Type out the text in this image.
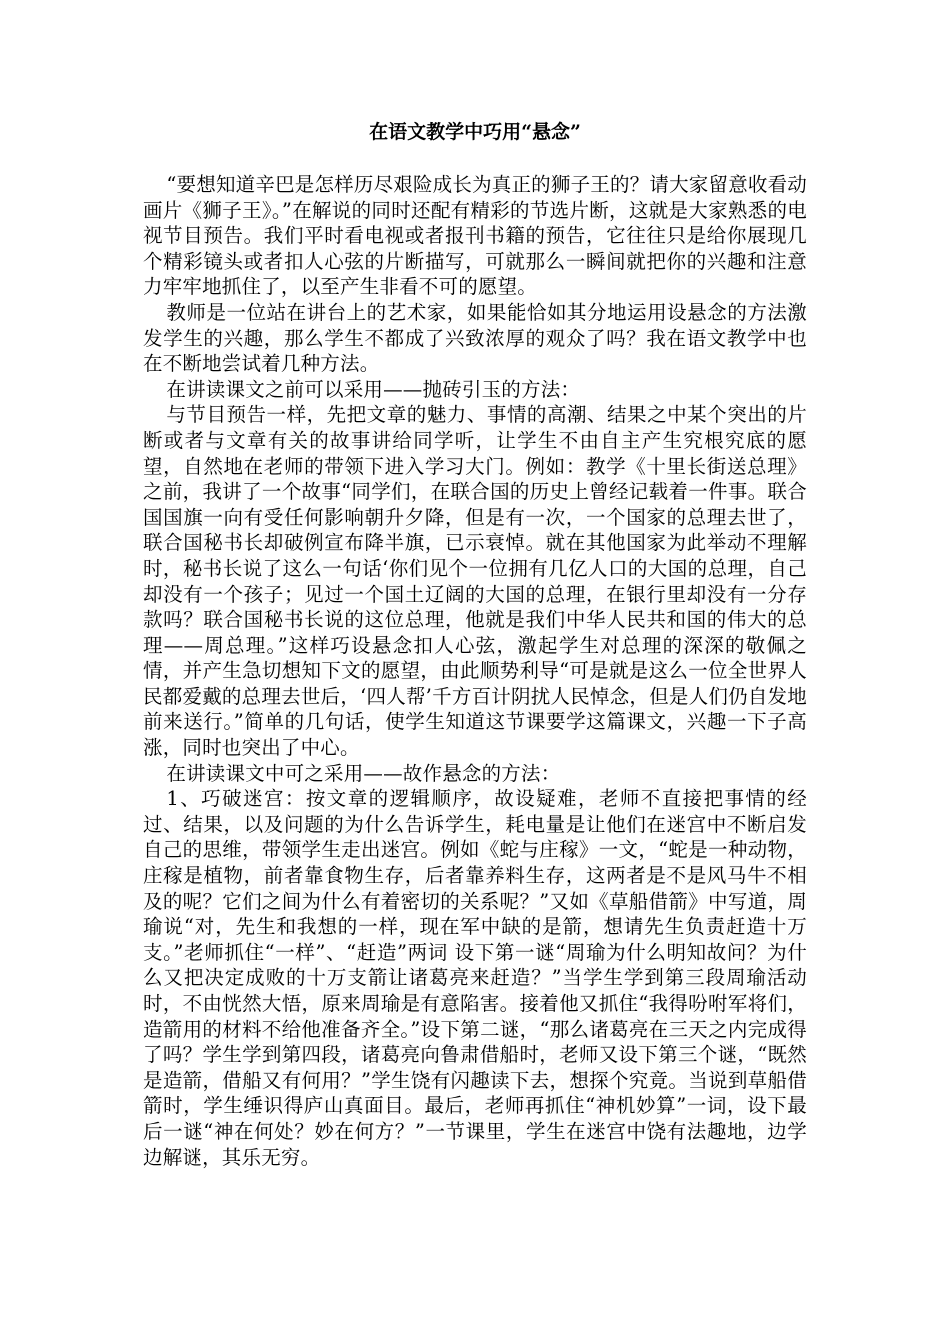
在语文教学中巧用“悬念”

“要想知道辛巴是怎样历尽艰险成长为真正的狮子王的？请大家留意收看动画片《狮子王》。”在解说的同时还配有精彩的节选片断，这就是大家熟悉的电视节目预告。我们平时看电视或者报刊书籍的预告，它往往只是给你展现几个精彩镜头或者扣人心弦的片断描写，可就那么一瞬间就把你的兴趣和注意力牢牢地抓住了，以至产生非看不可的愿望。

教师是一位站在讲台上的艺术家，如果能恰如其分地运用设悬念的方法激发学生的兴趣，那么学生不都成了兴致浓厚的观众了吗？我在语文教学中也在不断地尝试着几种方法。

在讲读课文之前可以采用——抛砖引玉的方法：

与节目预告一样，先把文章的魅力、事情的高潮、结果之中某个突出的片断或者与文章有关的故事讲给同学听，让学生不由自主产生究根究底的愿望，自然地在老师的带领下进入学习大门。例如：教学《十里长街送总理》之前，我讲了一个故事“同学们，在联合国的历史上曾经记载着一件事。联合国国旗一向有受任何影响朝升夕降，但是有一次，一个国家的总理去世了，联合国秘书长却破例宣布降半旗，已示衰悼。就在其他国家为此举动不理解时，秘书长说了这么一句话‘你们见个一位拥有几亿人口的大国的总理，自己却没有一个孩子；见过一个国土辽阔的大国的总理，在银行里却没有一分存款吗？联合国秘书长说的这位总理，他就是我们中华人民共和国的伟大的总理——周总理。”这样巧设悬念扣人心弦，激起学生对总理的深深的敬佩之情，并产生急切想知下文的愿望，由此顺势利导“可是就是这么一位全世界人民都爱戴的总理去世后，‘四人帮’千方百计阴扰人民悼念，但是人们仍自发地前来送行。”简单的几句话，使学生知道这节课要学这篇课文，兴趣一下子高涨，同时也突出了中心。

在讲读课文中可之采用——故作悬念的方法：

1、巧破迷宫：按文章的逻辑顺序，故设疑难，老师不直接把事情的经过、结果，以及问题的为什么告诉学生，耗电量是让他们在迷宫中不断启发自己的思维，带领学生走出迷宫。例如《蛇与庄稼》一文，“蛇是一种动物，庄稼是植物，前者靠食物生存，后者靠养料生存，这两者是不是风马牛不相及的呢？它们之间为什么有着密切的关系呢？”又如《草船借箭》中写道，周瑜说“对，先生和我想的一样，现在军中缺的是箭，想请先生负责赶造十万支。”老师抓住“一样”、“赶造”两词 设下第一谜“周瑜为什么明知故问？为什么又把决定成败的十万支箭让诸葛亮来赶造？”当学生学到第三段周瑜活动时，不由恍然大悟，原来周瑜是有意陷害。接着他又抓住“我得吩咐军将们，造箭用的材料不给他准备齐全。”设下第二谜，“那么诸葛亮在三天之内完成得了吗？学生学到第四段，诸葛亮向鲁肃借船时，老师又设下第三个谜，“既然是造箭，借船又有何用？”学生饶有闪趣读下去，想探个究竟。当说到草船借箭时，学生缍识得庐山真面目。最后，老师再抓住“神机妙算”一词，设下最后一谜“神在何处？妙在何方？”一节课里，学生在迷宫中饶有法趣地，边学边解谜，其乐无穷。
